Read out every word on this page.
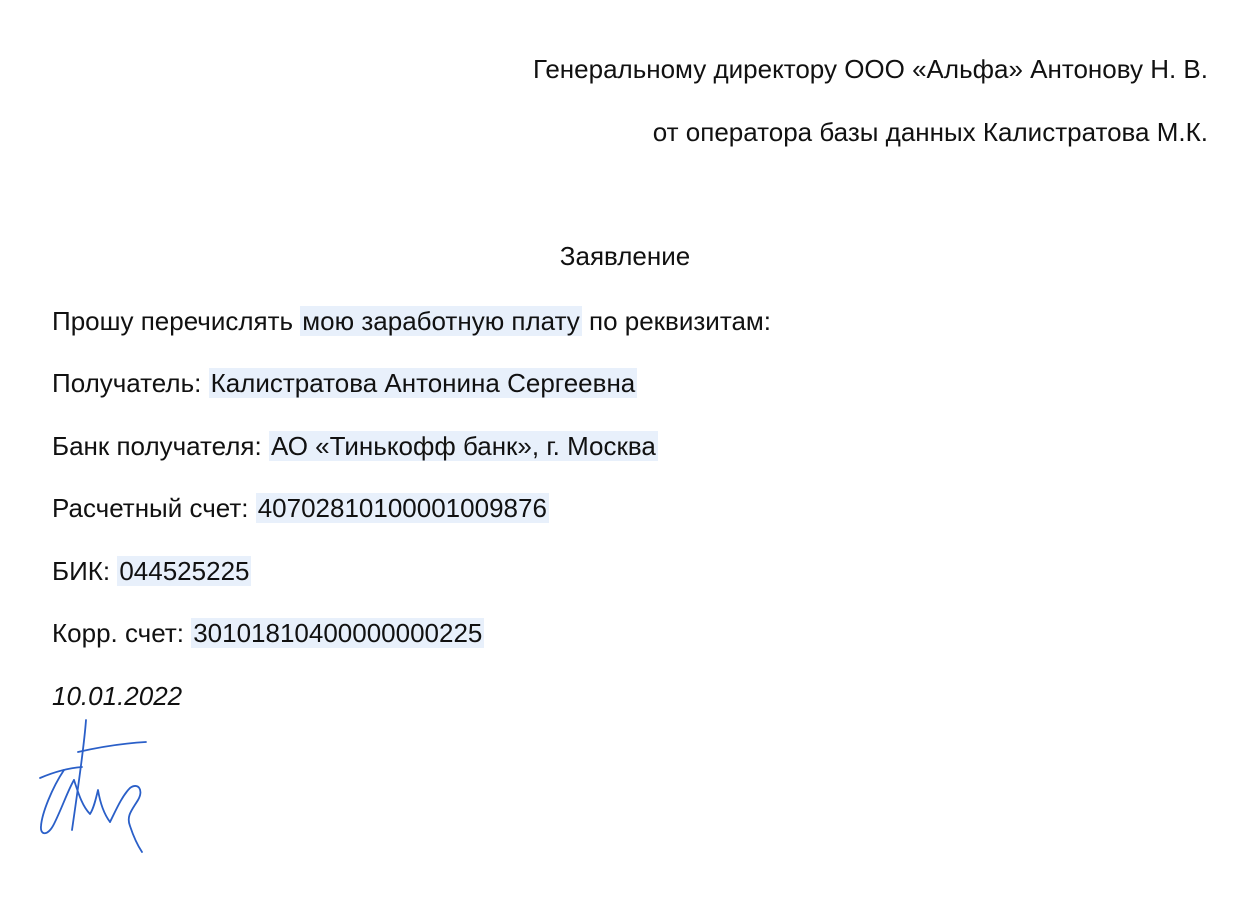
Генеральному директору ООО «Альфа» Антонову Н. В.
от оператора базы данных Калистратова М.К.
Заявление
Прошу перечислять мою заработную плату по реквизитам:
Получатель: Калистратова Антонина Сергеевна
Банк получателя: АО «Тинькофф банк», г. Москва
Расчетный счет: 40702810100001009876
БИК: 044525225
Корр. счет: 30101810400000000225
10.01.2022
